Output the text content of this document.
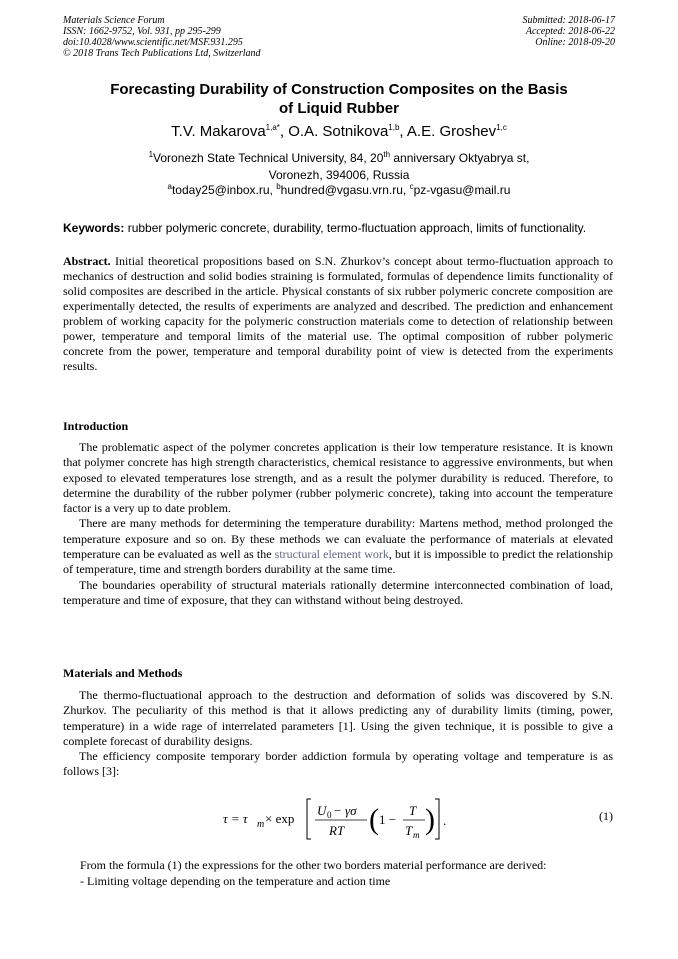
Materials Science Forum
ISSN: 1662-9752, Vol. 931, pp 295-299
doi:10.4028/www.scientific.net/MSF.931.295
© 2018 Trans Tech Publications Ltd, Switzerland
Submitted: 2018-06-17
Accepted: 2018-06-22
Online: 2018-09-20
Forecasting Durability of Construction Composites on the Basis
of Liquid Rubber
T.V. Makarova$^{1,a*}$, O.A. Sotnikova$^{1,b}$, A.E. Groshev$^{1,c}$
$^1$Voronezh State Technical University, 84, 20th anniversary Oktyabrya st,
Voronezh, 394006, Russia
$^a$today25@inbox.ru, $^b$hundred@vgasu.vrn.ru, $^c$pz-vgasu@mail.ru
Keywords: rubber polymeric concrete, durability, termo-fluctuation approach, limits of functionality.
Abstract. Initial theoretical propositions based on S.N. Zhurkov’s concept about termo-fluctuation approach to mechanics of destruction and solid bodies straining is formulated, formulas of dependence limits functionality of solid composites are described in the article. Physical constants of six rubber polymeric concrete composition are experimentally detected, the results of experiments are analyzed and described. The prediction and enhancement problem of working capacity for the polymeric construction materials come to detection of relationship between power, temperature and temporal limits of the material use. The optimal composition of rubber polymeric concrete from the power, temperature and temporal durability point of view is detected from the experiments results.
Introduction

The problematic aspect of the polymer concretes application is their low temperature resistance. It is known that polymer concrete has high strength characteristics, chemical resistance to aggressive environments, but when exposed to elevated temperatures lose strength, and as a result the polymer durability is reduced. Therefore, to determine the durability of the rubber polymer (rubber polymeric concrete), taking into account the temperature factor is a very up to date problem.

There are many methods for determining the temperature durability: Martens method, method prolonged the temperature exposure and so on. By these methods we can evaluate the performance of materials at elevated temperature can be evaluated as well as the structural element work, but it is impossible to predict the relationship of temperature, time and strength borders durability at the same time.

The boundaries operability of structural materials rationally determine interconnected combination of load, temperature and time of exposure, that they can withstand without being destroyed.

Materials and Methods

The thermo-fluctuational approach to the destruction and deformation of solids was discovered by S.N. Zhurkov. The peculiarity of this method is that it allows predicting any of durability limits (timing, power, temperature) in a wide rage of interrelated parameters [1]. Using the given technique, it is possible to give a complete forecast of durability designs.

The efficiency composite temporary border addiction formula by operating voltage and temperature is as follows [3]:

τ = τ m × exp
U 0 − γσ
RT ( 1 −
T
T m ) .	(1)
From the formula (1) the expressions for the other two borders material performance are derived:
- Limiting voltage depending on the temperature and action time
